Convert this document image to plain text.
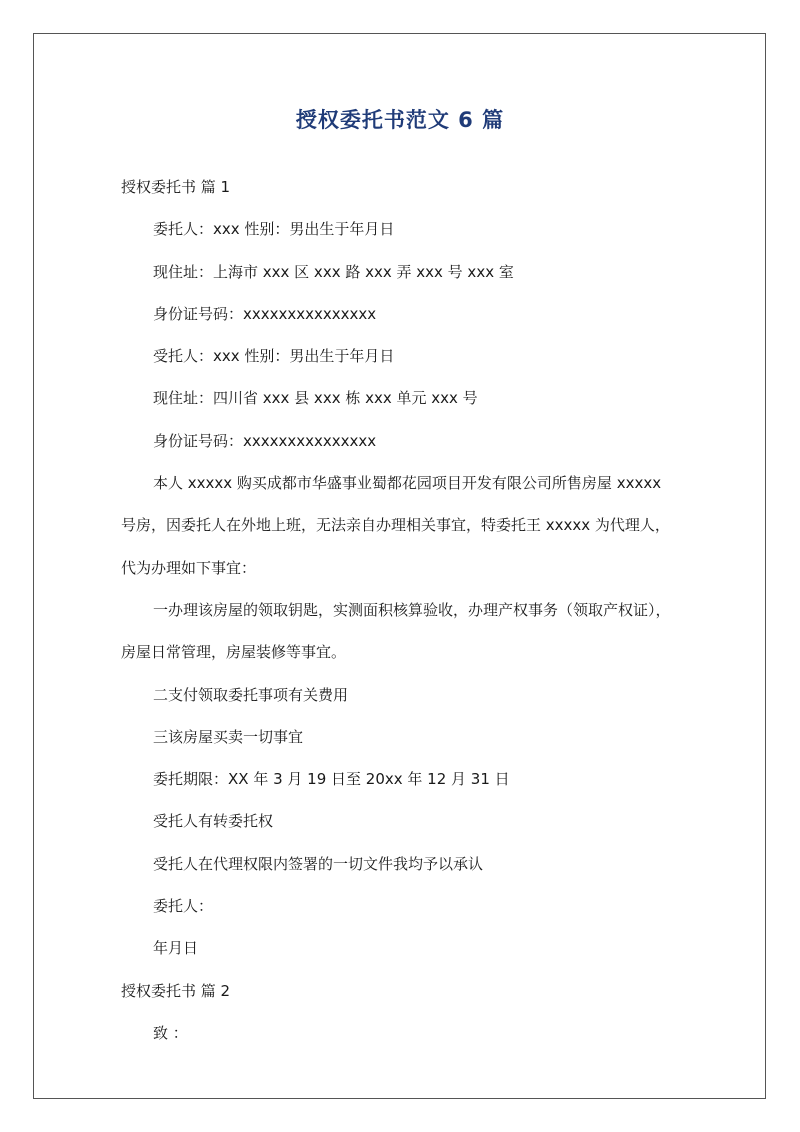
授权委托书范文 6 篇

授权委托书 篇 1

委托人：xxx 性别：男出生于年月日

现住址：上海市 xxx 区 xxx 路 xxx 弄 xxx 号 xxx 室

身份证号码：xxxxxxxxxxxxxxx

受托人：xxx 性别：男出生于年月日

现住址：四川省 xxx 县 xxx 栋 xxx 单元 xxx 号

身份证号码：xxxxxxxxxxxxxxx

本人 xxxxx 购买成都市华盛事业蜀都花园项目开发有限公司所售房屋 xxxxx

号房，因委托人在外地上班，无法亲自办理相关事宜，特委托王 xxxxx 为代理人，

代为办理如下事宜：

一办理该房屋的领取钥匙，实测面积核算验收，办理产权事务（领取产权证），

房屋日常管理，房屋装修等事宜。

二支付领取委托事项有关费用

三该房屋买卖一切事宜

委托期限：XX 年 3 月 19 日至 20xx 年 12 月 31 日

受托人有转委托权

受托人在代理权限内签署的一切文件我均予以承认

委托人：

年月日

授权委托书 篇 2

致 ：
